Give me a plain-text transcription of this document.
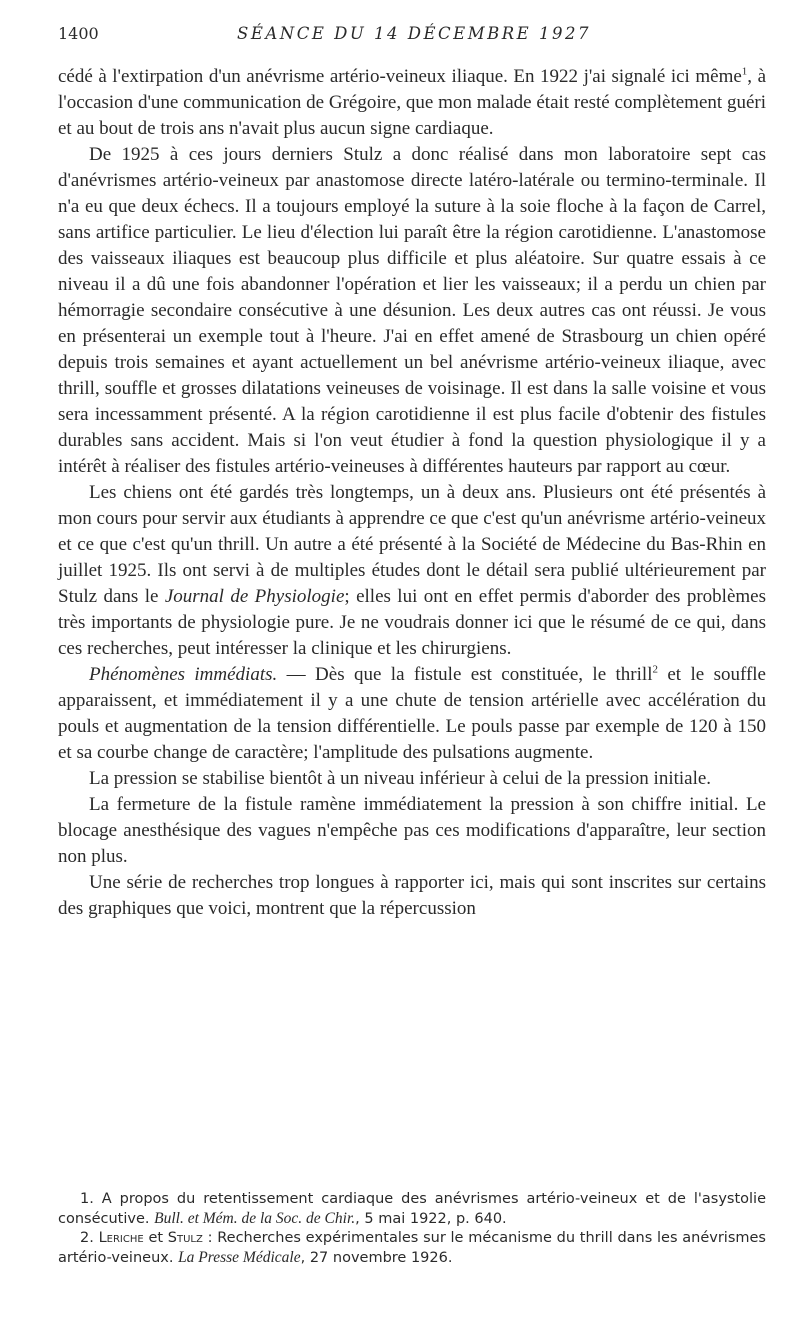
1400	SÉANCE DU 14 DÉCEMBRE 1927

cédé à l'extirpation d'un anévrisme artério-veineux iliaque. En 1922 j'ai signalé ici même$^1$, à l'occasion d'une communication de Grégoire, que mon malade était resté complètement guéri et au bout de trois ans n'avait plus aucun signe cardiaque.

De 1925 à ces jours derniers Stulz a donc réalisé dans mon laboratoire sept cas d'anévrismes artério-veineux par anastomose directe latéro-latérale ou termino-terminale. Il n'a eu que deux échecs. Il a toujours employé la suture à la soie floche à la façon de Carrel, sans artifice particulier. Le lieu d'élection lui paraît être la région carotidienne. L'anastomose des vaisseaux iliaques est beaucoup plus difficile et plus aléatoire. Sur quatre essais à ce niveau il a dû une fois abandonner l'opération et lier les vaisseaux; il a perdu un chien par hémorragie secondaire consécutive à une désunion. Les deux autres cas ont réussi. Je vous en présenterai un exemple tout à l'heure. J'ai en effet amené de Strasbourg un chien opéré depuis trois semaines et ayant actuellement un bel anévrisme artério-veineux iliaque, avec thrill, souffle et grosses dilatations veineuses de voisinage. Il est dans la salle voisine et vous sera incessamment présenté. A la région carotidienne il est plus facile d'obtenir des fistules durables sans accident. Mais si l'on veut étudier à fond la question physiologique il y a intérêt à réaliser des fistules artério-veineuses à différentes hauteurs par rapport au cœur.

Les chiens ont été gardés très longtemps, un à deux ans. Plusieurs ont été présentés à mon cours pour servir aux étudiants à apprendre ce que c'est qu'un anévrisme artério-veineux et ce que c'est qu'un thrill. Un autre a été présenté à la Société de Médecine du Bas-Rhin en juillet 1925. Ils ont servi à de multiples études dont le détail sera publié ultérieurement par Stulz dans le Journal de Physiologie; elles lui ont en effet permis d'aborder des problèmes très importants de physiologie pure. Je ne voudrais donner ici que le résumé de ce qui, dans ces recherches, peut intéresser la clinique et les chirurgiens.

Phénomènes immédiats. — Dès que la fistule est constituée, le thrill$^2$ et le souffle apparaissent, et immédiatement il y a une chute de tension artérielle avec accélération du pouls et augmentation de la tension différentielle. Le pouls passe par exemple de 120 à 150 et sa courbe change de caractère; l'amplitude des pulsations augmente.

La pression se stabilise bientôt à un niveau inférieur à celui de la pression initiale.

La fermeture de la fistule ramène immédiatement la pression à son chiffre initial. Le blocage anesthésique des vagues n'empêche pas ces modifications d'apparaître, leur section non plus.

Une série de recherches trop longues à rapporter ici, mais qui sont inscrites sur certains des graphiques que voici, montrent que la répercussion

1. A propos du retentissement cardiaque des anévrismes artério-veineux et de l'asystolie consécutive. Bull. et Mém. de la Soc. de Chir., 5 mai 1922, p. 640.

2. Leriche et Stulz : Recherches expérimentales sur le mécanisme du thrill dans les anévrismes artério-veineux. La Presse Médicale, 27 novembre 1926.
